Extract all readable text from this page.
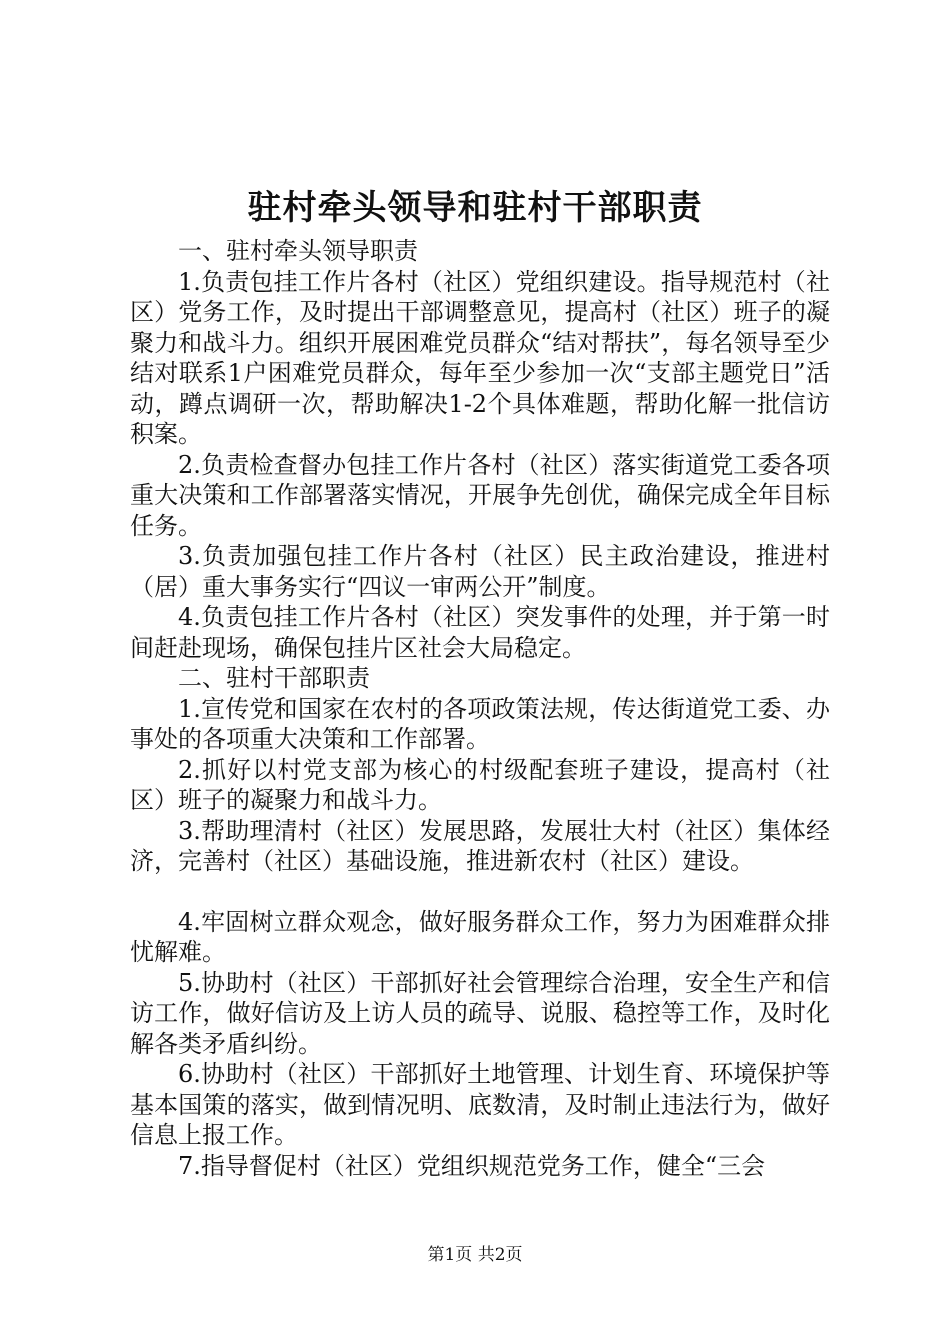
驻村牵头领导和驻村干部职责

一、驻村牵头领导职责

1.负责包挂工作片各村（社区）党组织建设。指导规范村（社区）党务工作，及时提出干部调整意见，提高村（社区）班子的凝聚力和战斗力。组织开展困难党员群众“结对帮扶”，每名领导至少结对联系1户困难党员群众，每年至少参加一次“支部主题党日”活动，蹲点调研一次，帮助解决1-2个具体难题，帮助化解一批信访积案。

2.负责检查督办包挂工作片各村（社区）落实街道党工委各项重大决策和工作部署落实情况，开展争先创优，确保完成全年目标任务。

3.负责加强包挂工作片各村（社区）民主政治建设，推进村（居）重大事务实行“四议一审两公开”制度。

4.负责包挂工作片各村（社区）突发事件的处理，并于第一时间赶赴现场，确保包挂片区社会大局稳定。

二、驻村干部职责

1.宣传党和国家在农村的各项政策法规，传达街道党工委、办事处的各项重大决策和工作部署。

2.抓好以村党支部为核心的村级配套班子建设，提高村（社区）班子的凝聚力和战斗力。

3.帮助理清村（社区）发展思路，发展壮大村（社区）集体经济，完善村（社区）基础设施，推进新农村（社区）建设。

4.牢固树立群众观念，做好服务群众工作，努力为困难群众排忧解难。

5.协助村（社区）干部抓好社会管理综合治理，安全生产和信访工作，做好信访及上访人员的疏导、说服、稳控等工作，及时化解各类矛盾纠纷。

6.协助村（社区）干部抓好土地管理、计划生育、环境保护等基本国策的落实，做到情况明、底数清，及时制止违法行为，做好信息上报工作。

7.指导督促村（社区）党组织规范党务工作，健全“三会

第1页 共2页
